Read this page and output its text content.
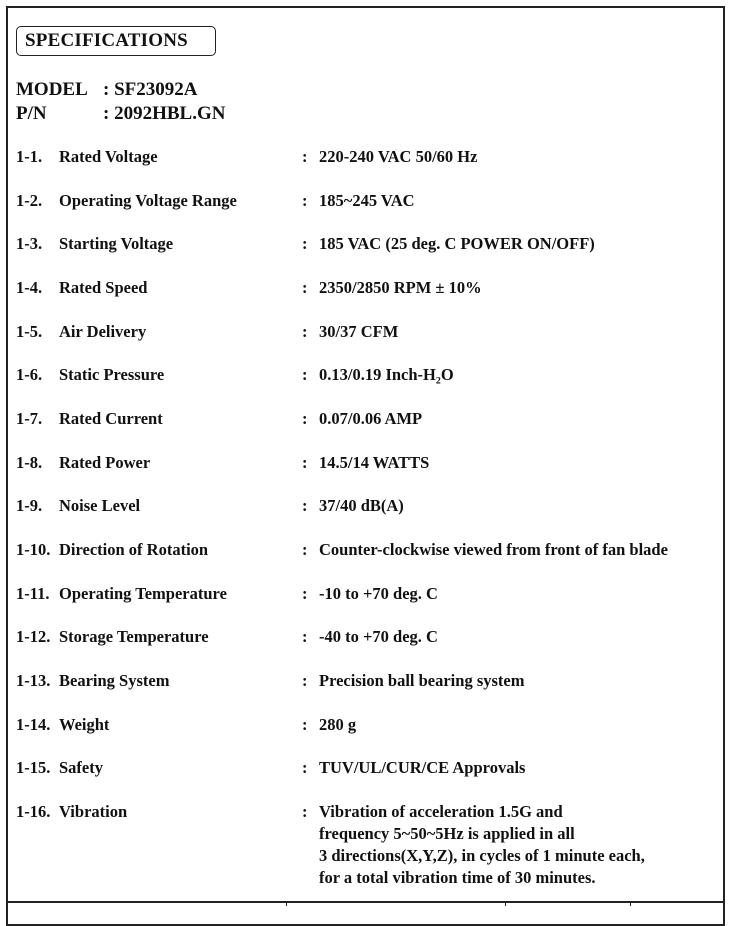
SPECIFICATIONS
MODEL : SF23092A
P/N	: 2092HBL.GN
1-1. Rated Voltage	: 220-240 VAC 50/60 Hz
1-2. Operating Voltage Range	: 185~245 VAC
1-3. Starting Voltage	: 185 VAC (25 deg. C POWER ON/OFF)
1-4. Rated Speed	: 2350/2850 RPM ± 10%
1-5. Air Delivery	: 30/37 CFM
1-6. Static Pressure	: 0.13/0.19 Inch-H₂O
1-7. Rated Current	: 0.07/0.06 AMP
1-8. Rated Power	: 14.5/14 WATTS
1-9. Noise Level	: 37/40 dB(A)
1-10. Direction of Rotation	: Counter-clockwise viewed from front of fan blade
1-11. Operating Temperature	: -10 to +70 deg. C
1-12. Storage Temperature	: -40 to +70 deg. C
1-13. Bearing System	: Precision ball bearing system
1-14. Weight	: 280 g
1-15. Safety	: TUV/UL/CUR/CE Approvals
1-16. Vibration	: Vibration of acceleration 1.5G and
frequency 5~50~5Hz is applied in all
3 directions(X,Y,Z), in cycles of 1 minute each,
for a total vibration time of 30 minutes.
